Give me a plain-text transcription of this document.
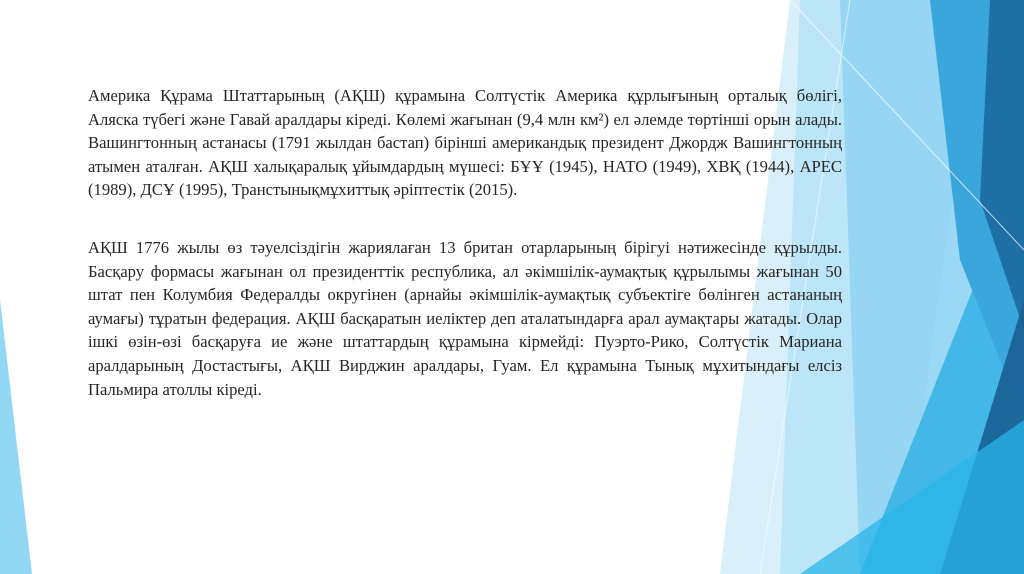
Америка Құрама Штаттарының (АҚШ) құрамына Солтүстік Америка құрлығының орталық бөлігі, Аляска түбегі және Гавай аралдары кіреді. Көлемі жағынан (9,4 млн км²) ел әлемде төртінші орын алады. Вашингтонның астанасы (1791 жылдан бастап) бірінші американдық президент Джордж Вашингтонның атымен аталған. АҚШ халықаралық ұйымдардың мүшесі: БҰҰ (1945), НАТО (1949), ХВҚ (1944), АРЕС (1989), ДСҰ (1995), Транстынықмұхиттық әріптестік (2015).

АҚШ 1776 жылы өз тәуелсіздігін жариялаған 13 британ отарларының бірігуі нәтижесінде құрылды. Басқару формасы жағынан ол президенттік республика, ал әкімшілік-аумақтық құрылымы жағынан 50 штат пен Колумбия Федералды округінен (арнайы әкімшілік-аумақтық субъектіге бөлінген астананың аумағы) тұратын федерация. АҚШ басқаратын иеліктер деп аталатындарға арал аумақтары жатады. Олар ішкі өзін-өзі басқаруға ие және штаттардың құрамына кірмейді: Пуэрто-Рико, Солтүстік Мариана аралдарының Достастығы, АҚШ Вирджин аралдары, Гуам. Ел құрамына Тынық мұхитындағы елсіз Пальмира атоллы кіреді.
